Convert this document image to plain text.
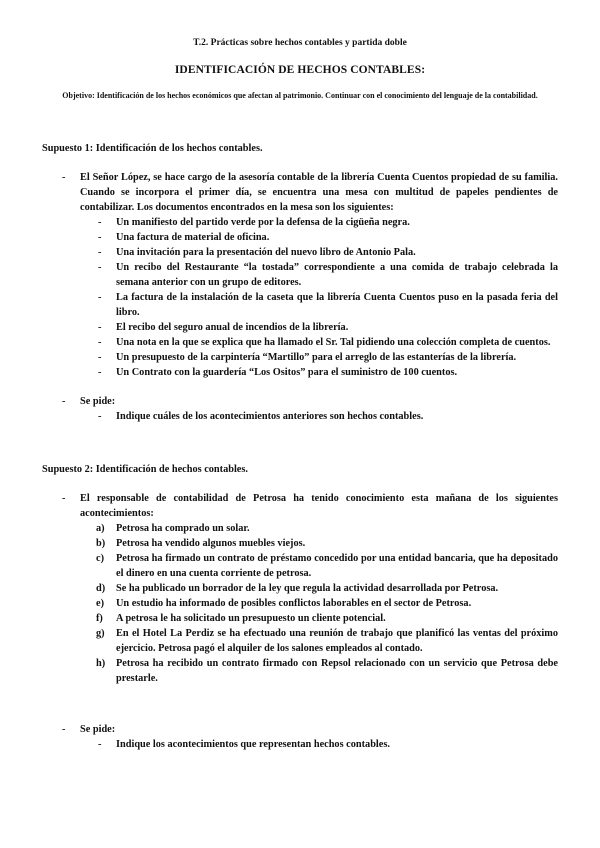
T.2. Prácticas sobre hechos contables y partida doble
IDENTIFICACIÓN DE HECHOS CONTABLES:
Objetivo: Identificación de los hechos económicos que afectan al patrimonio. Continuar con el conocimiento del lenguaje de la contabilidad.
Supuesto 1: Identificación de los hechos contables.
-	El Señor López, se hace cargo de la asesoría contable de la librería Cuenta Cuentos propiedad de su familia. Cuando se incorpora el primer día, se encuentra una mesa con multitud de papeles pendientes de contabilizar. Los documentos encontrados en la mesa son los siguientes:
-	Un manifiesto del partido verde por la defensa de la cigüeña negra.
-	Una factura de material de oficina.
-	Una invitación para la presentación del nuevo libro de Antonio Pala.
-	Un recibo del Restaurante “la tostada” correspondiente a una comida de trabajo celebrada la semana anterior con un grupo de editores.
-	La factura de la instalación de la caseta que la librería Cuenta Cuentos puso en la pasada feria del libro.
-	El recibo del seguro anual de incendios de la librería.
-	Una nota en la que se explica que ha llamado el Sr. Tal pidiendo una colección completa de cuentos.
-	Un presupuesto de la carpintería “Martillo” para el arreglo de las estanterías de la librería.
-	Un Contrato con la guardería “Los Ositos” para el suministro de 100 cuentos.
-	Se pide:
-	Indique cuáles de los acontecimientos anteriores son hechos contables.
Supuesto 2: Identificación de hechos contables.
-	El responsable de contabilidad de Petrosa ha tenido conocimiento esta mañana de los siguientes acontecimientos:
a)	Petrosa ha comprado un solar.
b)	Petrosa ha vendido algunos muebles viejos.
c)	Petrosa ha firmado un contrato de préstamo concedido por una entidad bancaria, que ha depositado el dinero en una cuenta corriente de petrosa.
d)	Se ha publicado un borrador de la ley que regula la actividad desarrollada por Petrosa.
e)	Un estudio ha informado de posibles conflictos laborables en el sector de Petrosa.
f)	A petrosa le ha solicitado un presupuesto un cliente potencial.
g)	En el Hotel La Perdiz se ha efectuado una reunión de trabajo que planificó las ventas del próximo ejercicio. Petrosa pagó el alquiler de los salones empleados al contado.
h)	Petrosa ha recibido un contrato firmado con Repsol relacionado con un servicio que Petrosa debe prestarle.
-	Se pide:
-	Indique los acontecimientos que representan hechos contables.
